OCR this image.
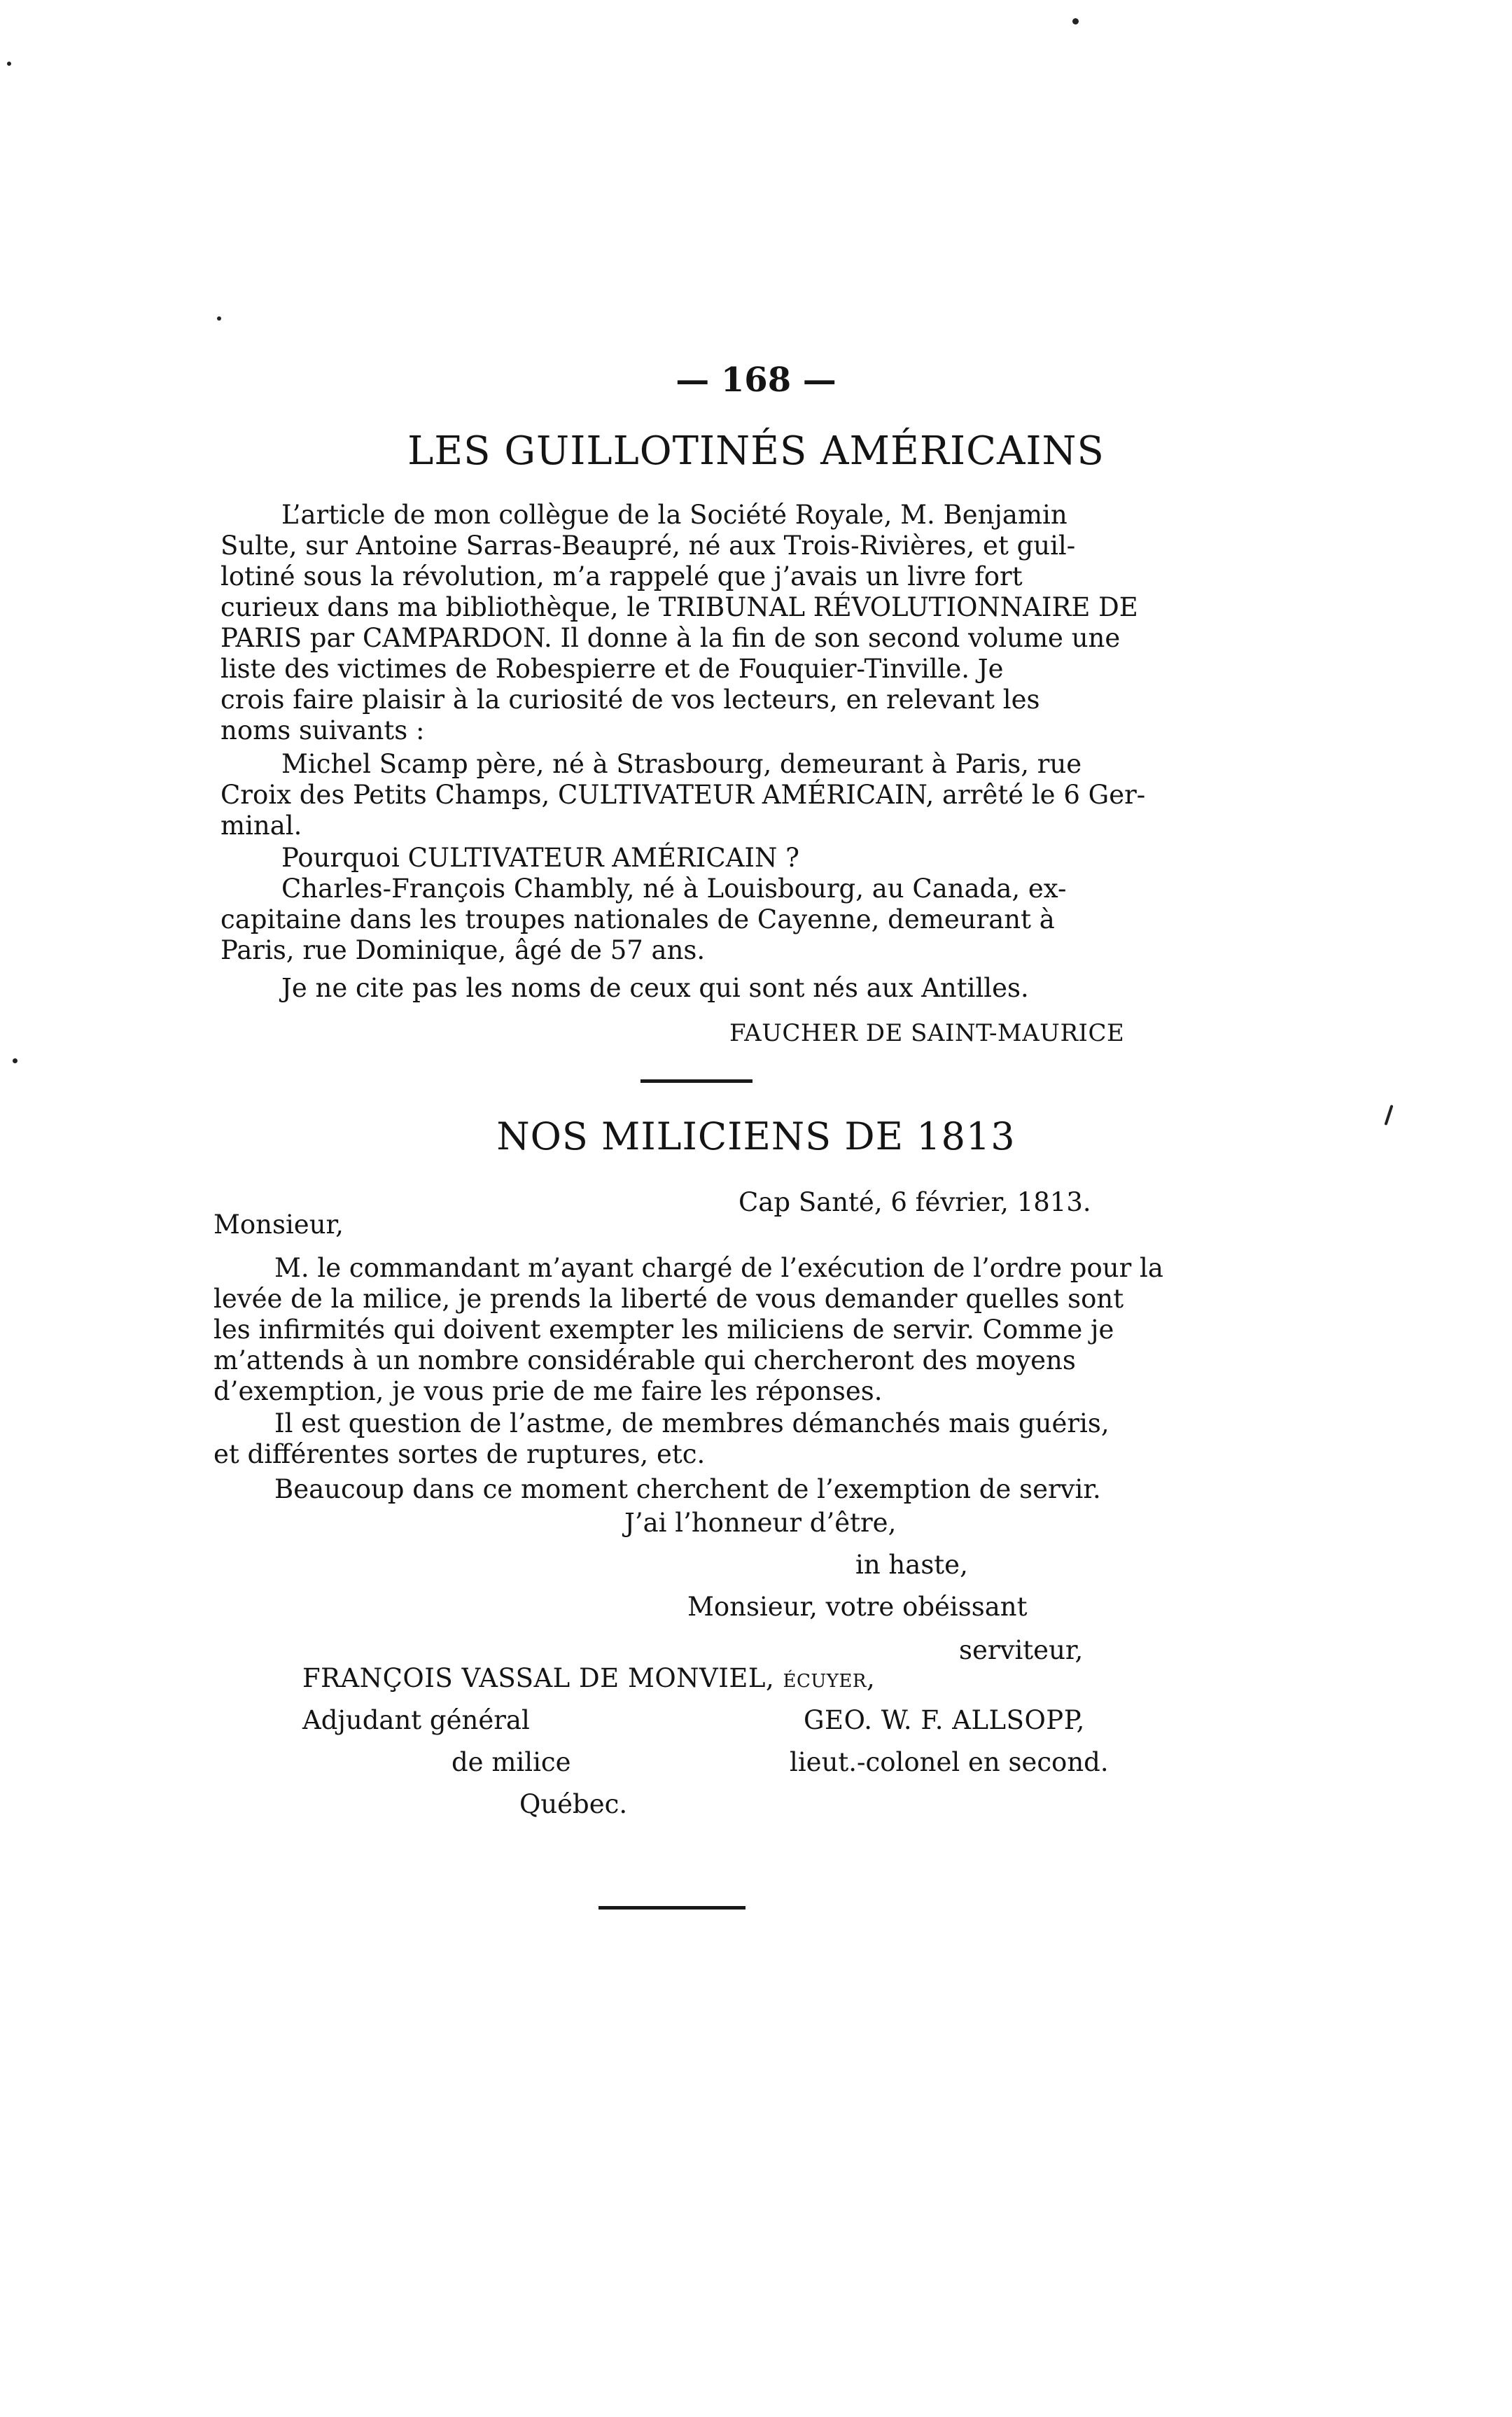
— 168 —
LES GUILLOTINÉS AMÉRICAINS
L’article de mon collègue de la Société Royale, M. Benjamin
Sulte, sur Antoine Sarras-Beaupré, né aux Trois-Rivières, et guil-
lotiné sous la révolution, m’a rappelé que j’avais un livre fort
curieux dans ma bibliothèque, le TRIBUNAL RÉVOLUTIONNAIRE DE
PARIS par CAMPARDON. Il donne à la fin de son second volume une
liste des victimes de Robespierre et de Fouquier-Tinville. Je
crois faire plaisir à la curiosité de vos lecteurs, en relevant les
noms suivants :
Michel Scamp père, né à Strasbourg, demeurant à Paris, rue
Croix des Petits Champs, CULTIVATEUR AMÉRICAIN, arrêté le 6 Ger-
minal.
Pourquoi CULTIVATEUR AMÉRICAIN ?
Charles-François Chambly, né à Louisbourg, au Canada, ex-
capitaine dans les troupes nationales de Cayenne, demeurant à
Paris, rue Dominique, âgé de 57 ans.
Je ne cite pas les noms de ceux qui sont nés aux Antilles.
FAUCHER DE SAINT-MAURICE
NOS MILICIENS DE 1813
Cap Santé, 6 février, 1813.
Monsieur,
M. le commandant m’ayant chargé de l’exécution de l’ordre pour la
levée de la milice, je prends la liberté de vous demander quelles sont
les infirmités qui doivent exempter les miliciens de servir. Comme je
m’attends à un nombre considérable qui chercheront des moyens
d’exemption, je vous prie de me faire les réponses.
Il est question de l’astme, de membres démanchés mais guéris,
et différentes sortes de ruptures, etc.
Beaucoup dans ce moment cherchent de l’exemption de servir.
J’ai l’honneur d’être,
in haste,
Monsieur, votre obéissant
serviteur,
FRANÇOIS VASSAL DE MONVIEL, écuyer,
Adjudant général
de milice
Québec.
GEO. W. F. ALLSOPP,
lieut.-colonel en second.
